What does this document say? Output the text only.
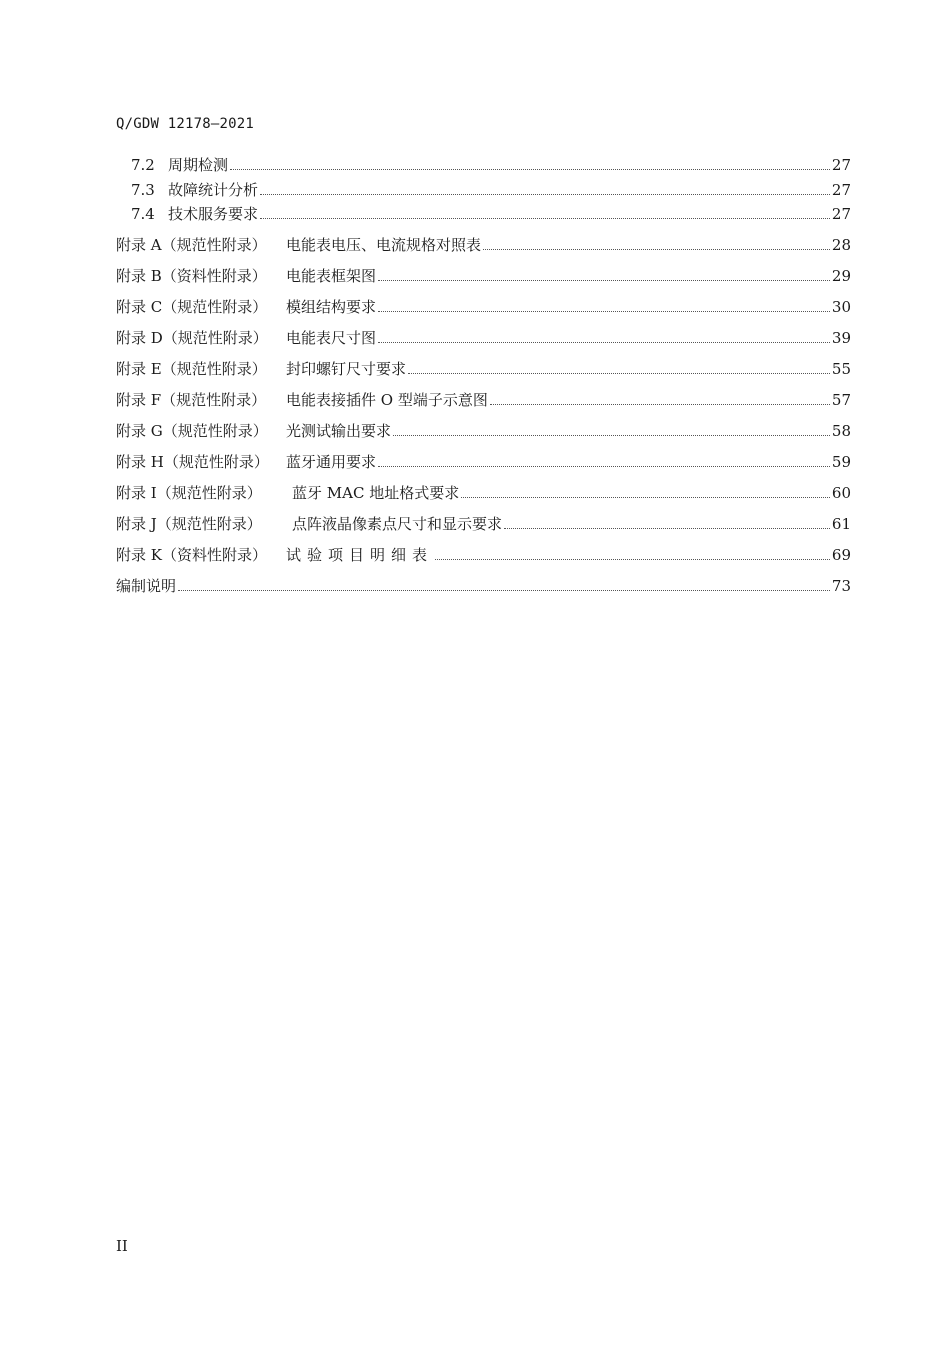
Q/GDW 12178—2021
7.2 周期检测	27
7.3 故障统计分析	27
7.4 技术服务要求	27
附录 A（规范性附录）	电能表电压、电流规格对照表	28
附录 B（资料性附录）	电能表框架图	29
附录 C（规范性附录）	模组结构要求	30
附录 D（规范性附录）	电能表尺寸图	39
附录 E（规范性附录）	封印螺钉尺寸要求	55
附录 F（规范性附录）	电能表接插件 O 型端子示意图	57
附录 G（规范性附录）	光测试输出要求	58
附录 H（规范性附录）	蓝牙通用要求	59
附录 I（规范性附录）	蓝牙 MAC 地址格式要求	60
附录 J（规范性附录）	点阵液晶像素点尺寸和显示要求	61
附录 K（资料性附录）	试验项目明细表	69
编制说明	73
II
